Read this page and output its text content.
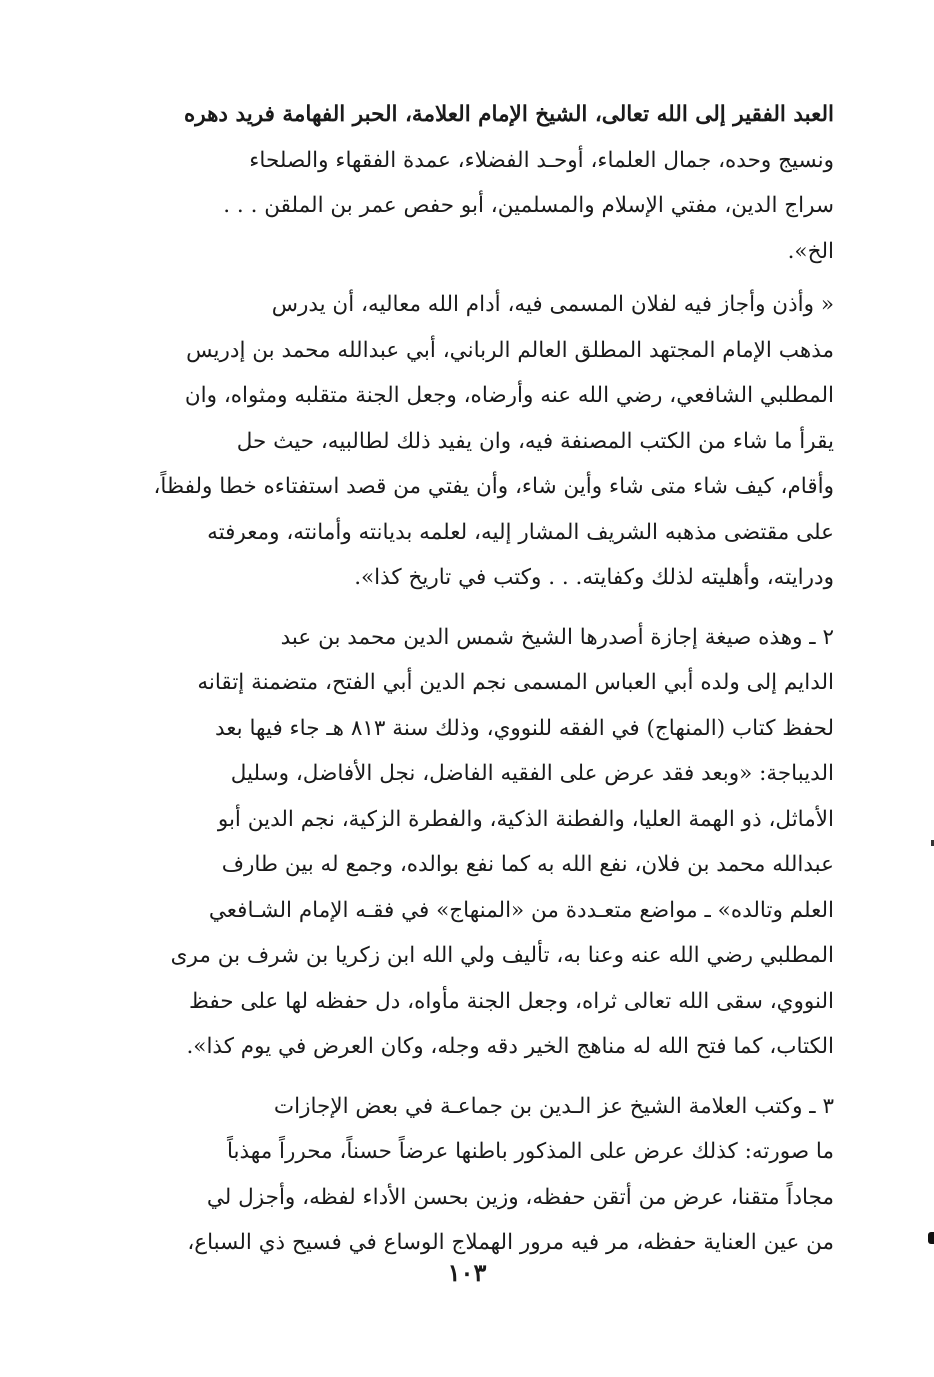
العبد الفقير إلى الله تعالى، الشيخ الإمام العلامة، الحبر الفهامة فريد دهره
ونسيج وحده، جمال العلماء، أوحـد الفضلاء، عمدة الفقهاء والصلحاء
سراج الدين، مفتي الإسلام والمسلمين، أبو حفص عمر بن الملقن . . .
الخ».

« وأذن وأجاز فيه لفلان المسمى فيه، أدام الله معاليه، أن يدرس
مذهب الإمام المجتهد المطلق العالم الرباني، أبي عبدالله محمد بن إدريس
المطلبي الشافعي، رضي الله عنه وأرضاه، وجعل الجنة متقلبه ومثواه، وان
يقرأ ما شاء من الكتب المصنفة فيه، وان يفيد ذلك لطالبيه، حيث حل
وأقام، كيف شاء متى شاء وأين شاء، وأن يفتي من قصد استفتاءه خطا ولفظاً،
على مقتضى مذهبه الشريف المشار إليه، لعلمه بديانته وأمانته، ومعرفته
ودرايته، وأهليته لذلك وكفايته. . . وكتب في تاريخ كذا».

٢ ـ وهذه صيغة إجازة أصدرها الشيخ شمس الدين محمد بن عبد
الدايم إلى ولده أبي العباس المسمى نجم الدين أبي الفتح، متضمنة إتقانه
لحفظ كتاب (المنهاج) في الفقه للنووي، وذلك سنة ٨١٣ هـ جاء فيها بعد
الديباجة: «وبعد فقد عرض على الفقيه الفاضل، نجل الأفاضل، وسليل
الأماثل، ذو الهمة العليا، والفطنة الذكية، والفطرة الزكية، نجم الدين أبو
عبدالله محمد بن فلان، نفع الله به كما نفع بوالده، وجمع له بين طارف
العلم وتالده» ـ مواضع متعـددة من «المنهاج» في فقـه الإمام الشـافعي
المطلبي رضي الله عنه وعنا به، تأليف ولي الله ابن زكريا بن شرف بن مرى
النووي، سقى الله تعالى ثراه، وجعل الجنة مأواه، دل حفظه لها على حفظ
الكتاب، كما فتح الله له مناهج الخير دقه وجله، وكان العرض في يوم كذا».

٣ ـ وكتب العلامة الشيخ عز الـدين بن جماعـة في بعض الإجازات
ما صورته: كذلك عرض على المذكور باطنها عرضاً حسناً، محرراً مهذباً
مجاداً متقنا، عرض من أتقن حفظه، وزين بحسن الأداء لفظه، وأجزل لي
من عين العناية حفظه، مر فيه مرور الهملاج الوساع في فسيح ذي السباع،

١٠٣
